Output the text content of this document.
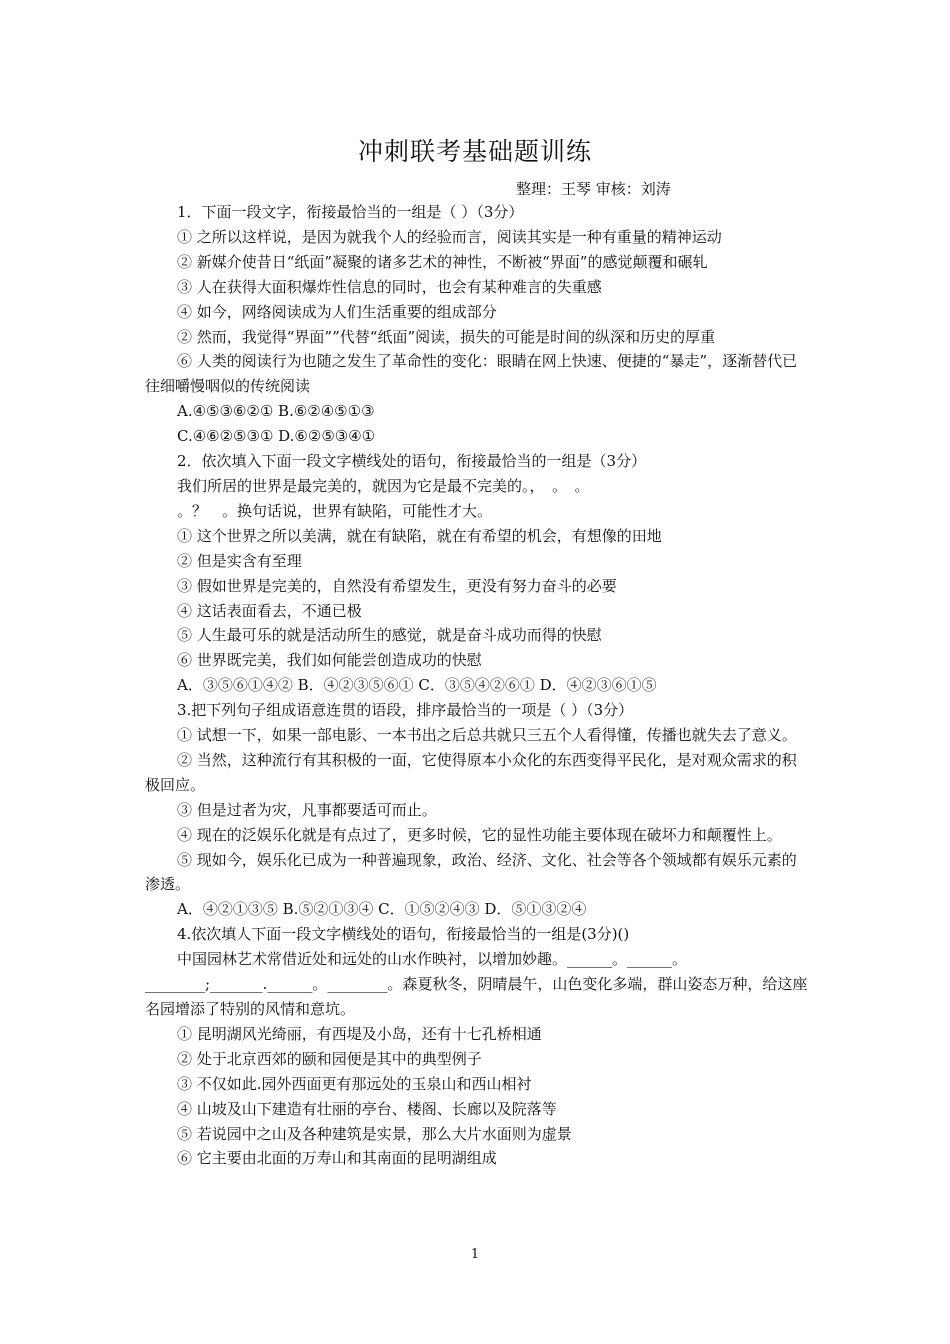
冲刺联考基础题训练
整理：王琴 审核：刘涛

1．下面一段文字，衔接最恰当的一组是（ ）（3分）

① 之所以这样说，是因为就我个人的经验而言，阅读其实是一种有重量的精神运动

② 新媒介使昔日“纸面”凝聚的诸多艺术的神性，不断被“界面”的感觉颠覆和碾轧

③ 人在获得大面积爆炸性信息的同时，也会有某种难言的失重感

④ 如今，网络阅读成为人们生活重要的组成部分

② 然而，我觉得“界面””代替“纸面”阅读，损失的可能是时间的纵深和历史的厚重

⑥ 人类的阅读行为也随之发生了革命性的变化：眼睛在网上快速、便捷的“暴走”，逐渐替代已往细嚼慢咽似的传统阅读

A.④⑤③⑥②① B.⑥②④⑤①③

C.④⑥②⑤③① D.⑥②⑤③④①

2．依次填入下面一段文字横线处的语句，衔接最恰当的一组是（3分）

我们所居的世界是最完美的，就因为它是最不完美的。，　。　。

。？　。换句话说，世界有缺陷，可能性才大。

① 这个世界之所以美满，就在有缺陷，就在有希望的机会，有想像的田地

② 但是实含有至理

③ 假如世界是完美的，自然没有希望发生，更没有努力奋斗的必要

④ 这话表面看去，不通已极

⑤ 人生最可乐的就是活动所生的感觉，就是奋斗成功而得的快慰

⑥ 世界既完美，我们如何能尝创造成功的快慰

A．③⑤⑥①④② B．④②③⑤⑥① C．③⑤④②⑥① D．④②③⑥①⑤

3.把下列句子组成语意连贯的语段，排序最恰当的一项是（ ）（3分）

① 试想一下，如果一部电影、一本书出之后总共就只三五个人看得懂，传播也就失去了意义。

② 当然，这种流行有其积极的一面，它使得原本小众化的东西变得平民化，是对观众需求的积极回应。

③ 但是过者为灾，凡事都要适可而止。

④ 现在的泛娱乐化就是有点过了，更多时候，它的显性功能主要体现在破坏力和颠覆性上。

⑤ 现如今，娱乐化已成为一种普遍现象，政治、经济、文化、社会等各个领域都有娱乐元素的渗透。

A．④②①③⑤ B.⑤②①③④ C．①⑤②④③ D．⑤①③②④

4.依次填人下面一段文字横线处的语句，衔接最恰当的一组是(3分)()

中国园林艺术常借近处和远处的山水作映衬，以增加妙趣。______。______。________;_______.______。________。森夏秋冬，阴晴晨午，山色变化多端，群山姿态万种，给这座名园增添了特别的风情和意坑。

① 昆明湖风光绮丽，有西堤及小岛，还有十七孔桥相通

② 处于北京西郊的颐和园便是其中的典型例子

③ 不仅如此.园外西面更有那远处的玉泉山和西山相衬

④ 山坡及山下建造有壮丽的亭台、楼阁、长廊以及院落等

⑤ 若说园中之山及各种建筑是实景，那么大片水面则为虚景

⑥ 它主要由北面的万寿山和其南面的昆明湖组成

1
